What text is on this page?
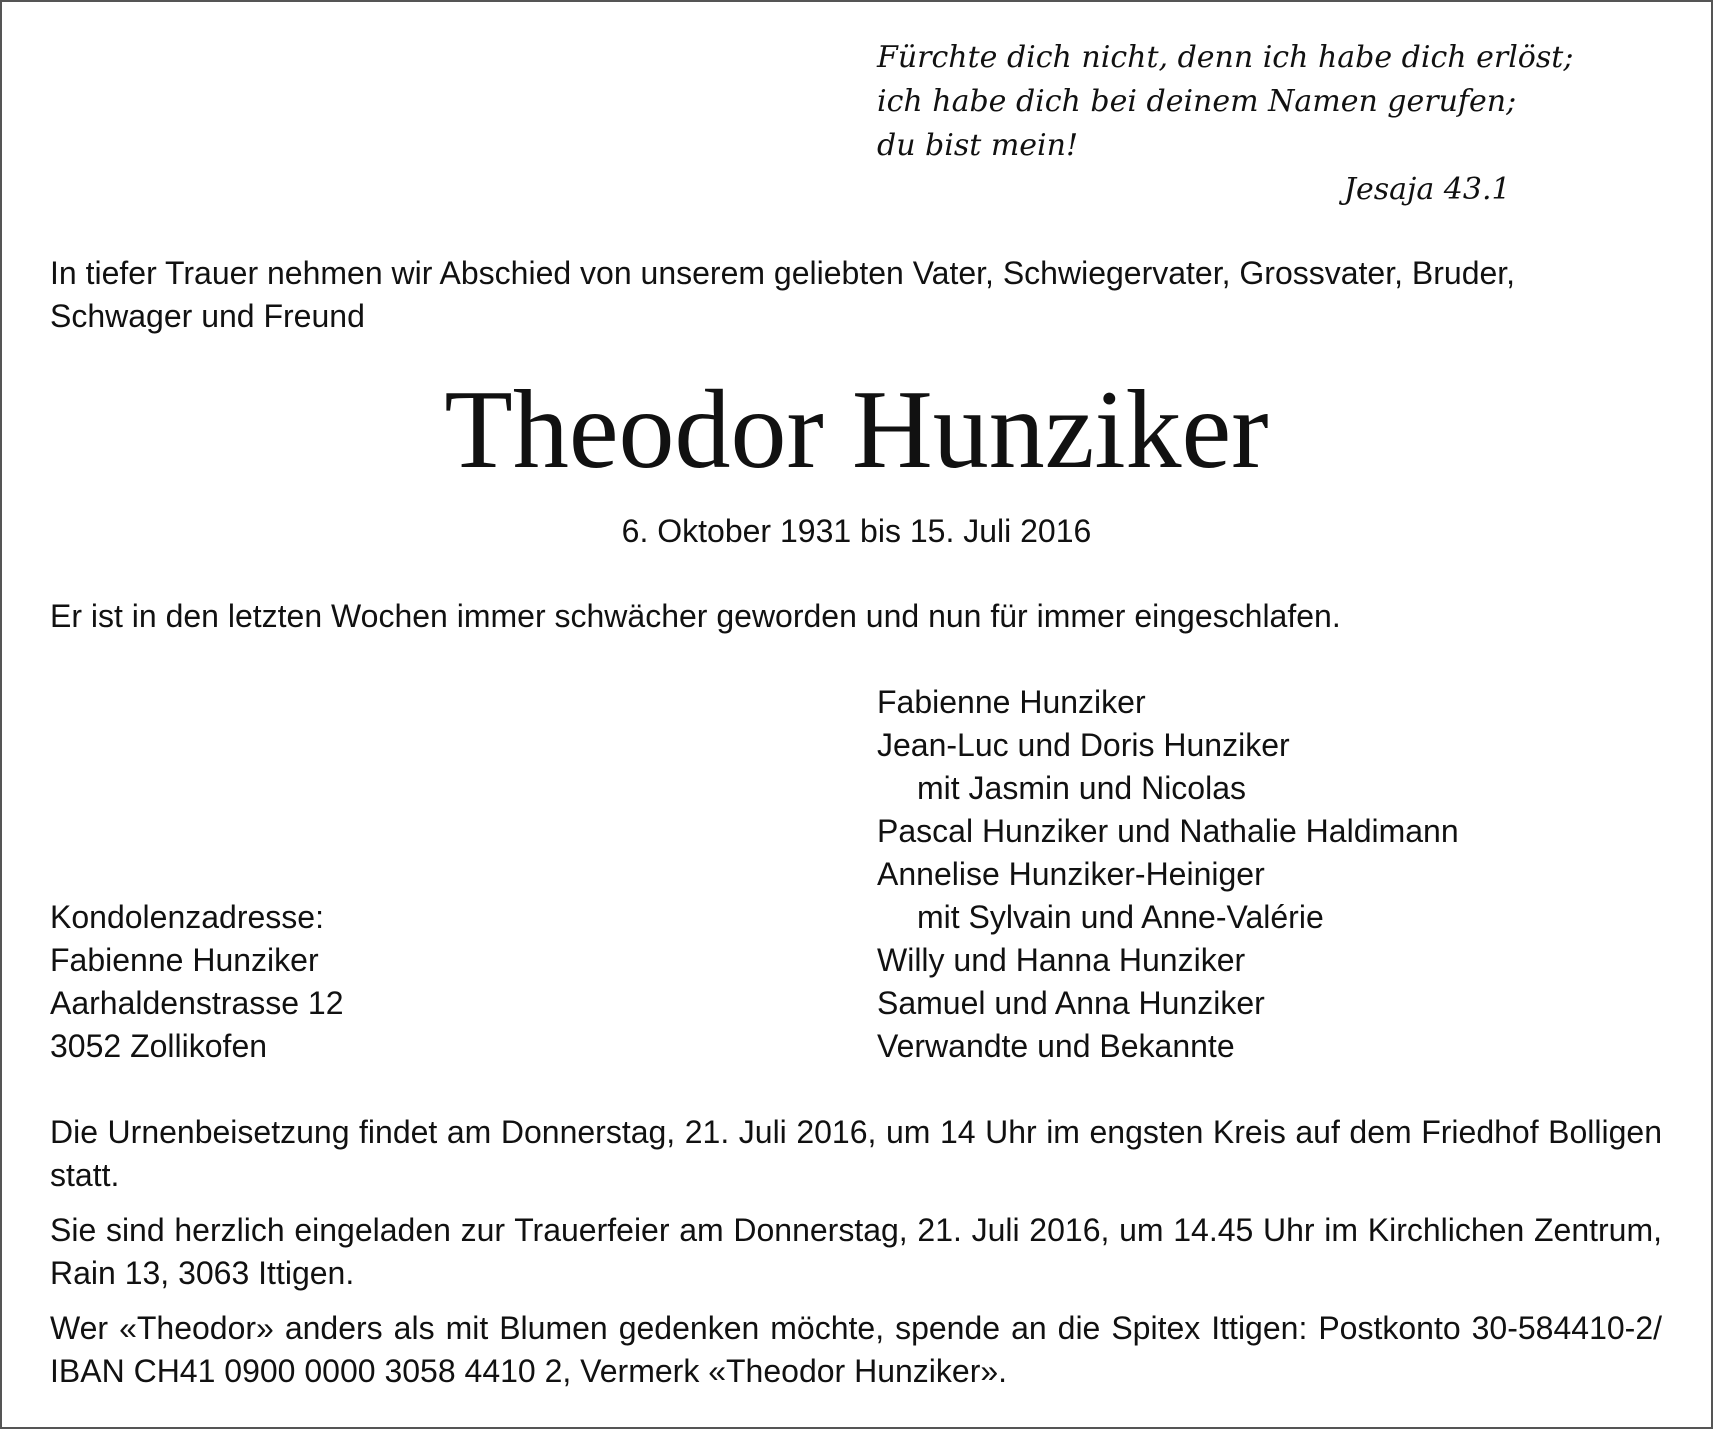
Fürchte dich nicht, denn ich habe dich erlöst;
ich habe dich bei deinem Namen gerufen;
du bist mein!
Jesaja 43.1
In tiefer Trauer nehmen wir Abschied von unserem geliebten Vater, Schwiegervater, Grossvater, Bruder, Schwager und Freund
Theodor Hunziker
6. Oktober 1931 bis 15. Juli 2016
Er ist in den letzten Wochen immer schwächer geworden und nun für immer eingeschlafen.
Fabienne Hunziker
Jean-Luc und Doris Hunziker
mit Jasmin und Nicolas
Pascal Hunziker und Nathalie Haldimann
Annelise Hunziker-Heiniger
mit Sylvain und Anne-Valérie
Willy und Hanna Hunziker
Samuel und Anna Hunziker
Verwandte und Bekannte
Kondolenzadresse:
Fabienne Hunziker
Aarhaldenstrasse 12
3052 Zollikofen

Die Urnenbeisetzung findet am Donnerstag, 21. Juli 2016, um 14 Uhr im engsten Kreis auf dem Friedhof Bolligen statt.

Sie sind herzlich eingeladen zur Trauerfeier am Donnerstag, 21. Juli 2016, um 14.45 Uhr im Kirchlichen Zentrum, Rain 13, 3063 Ittigen.

Wer «Theodor» anders als mit Blumen gedenken möchte, spende an die Spitex Ittigen: Postkonto 30-584410-2/ IBAN CH41 0900 0000 3058 4410 2, Vermerk «Theodor Hunziker».
